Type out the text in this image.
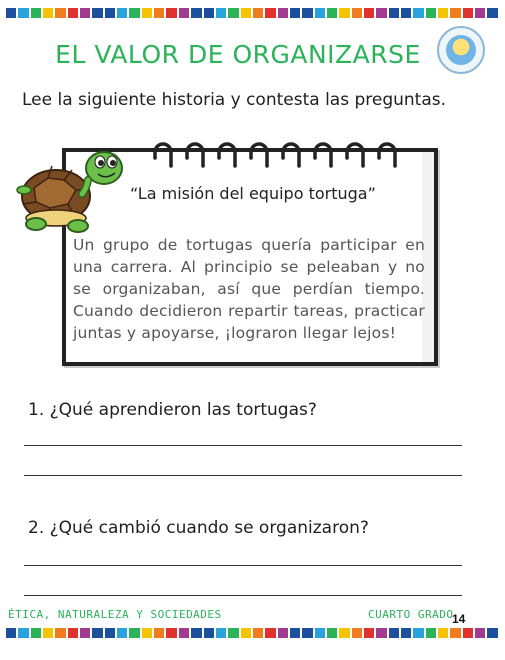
EL VALOR DE ORGANIZARSE
Lee la siguiente historia y contesta las preguntas.
“La misión del equipo tortuga”
Un grupo de tortugas quería participar en una carrera. Al principio se peleaban y no se organizaban, así que perdían tiempo. Cuando decidieron repartir tareas, practicar juntas y apoyarse, ¡lograron llegar lejos!
1. ¿Qué aprendieron las tortugas?
2. ¿Qué cambió cuando se organizaron?
ÉTICA, NATURALEZA Y SOCIEDADES	CUARTO GRADO
14
